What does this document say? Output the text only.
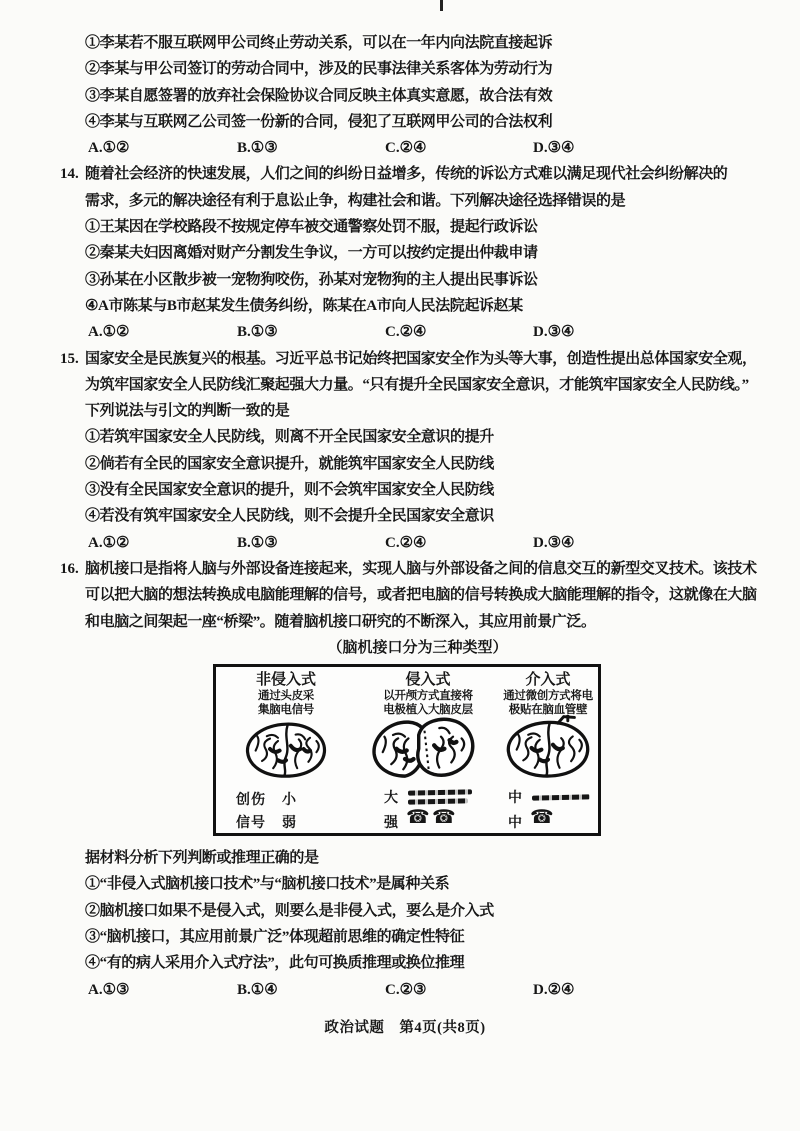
①李某若不服互联网甲公司终止劳动关系，可以在一年内向法院直接起诉

②李某与甲公司签订的劳动合同中，涉及的民事法律关系客体为劳动行为

③李某自愿签署的放弃社会保险协议合同反映主体真实意愿，故合法有效

④李某与互联网乙公司签一份新的合同，侵犯了互联网甲公司的合法权利

A.①②	B.①③	C.②④	D.③④
14. 随着社会经济的快速发展，人们之间的纠纷日益增多，传统的诉讼方式难以满足现代社会纠纷解决的

需求，多元的解决途径有利于息讼止争，构建社会和谐。下列解决途径选择错误的是

①王某因在学校路段不按规定停车被交通警察处罚不服，提起行政诉讼

②秦某夫妇因离婚对财产分割发生争议，一方可以按约定提出仲裁申请

③孙某在小区散步被一宠物狗咬伤，孙某对宠物狗的主人提出民事诉讼

④A市陈某与B市赵某发生债务纠纷，陈某在A市向人民法院起诉赵某

A.①②	B.①③	C.②④	D.③④
15. 国家安全是民族复兴的根基。习近平总书记始终把国家安全作为头等大事，创造性提出总体国家安全观，

为筑牢国家安全人民防线汇聚起强大力量。“只有提升全民国家安全意识，才能筑牢国家安全人民防线。”

下列说法与引文的判断一致的是

①若筑牢国家安全人民防线，则离不开全民国家安全意识的提升

②倘若有全民的国家安全意识提升，就能筑牢国家安全人民防线

③没有全民国家安全意识的提升，则不会筑牢国家安全人民防线

④若没有筑牢国家安全人民防线，则不会提升全民国家安全意识

A.①②	B.①③	C.②④	D.③④
16. 脑机接口是指将人脑与外部设备连接起来，实现人脑与外部设备之间的信息交互的新型交叉技术。该技术

可以把大脑的想法转换成电脑能理解的信号，或者把电脑的信号转换成大脑能理解的指令，这就像在大脑

和电脑之间架起一座“桥梁”。随着脑机接口研究的不断深入，其应用前景广泛。

（脑机接口分为三种类型）

非侵入式

通过头皮采

集脑电信号

侵入式

以开颅方式直接将

电极植入大脑皮层

介入式

通过微创方式将电

极贴在脑血管壁

创伤 小	大	中
信号 弱	强 ☎ ☎	中 ☎

据材料分析下列判断或推理正确的是

①“非侵入式脑机接口技术”与“脑机接口技术”是属种关系

②脑机接口如果不是侵入式，则要么是非侵入式，要么是介入式

③“脑机接口，其应用前景广泛”体现超前思维的确定性特征

④“有的病人采用介入式疗法”，此句可换质推理或换位推理

A.①③	B.①④	C.②③	D.②④
政治试题　第4页(共8页)
